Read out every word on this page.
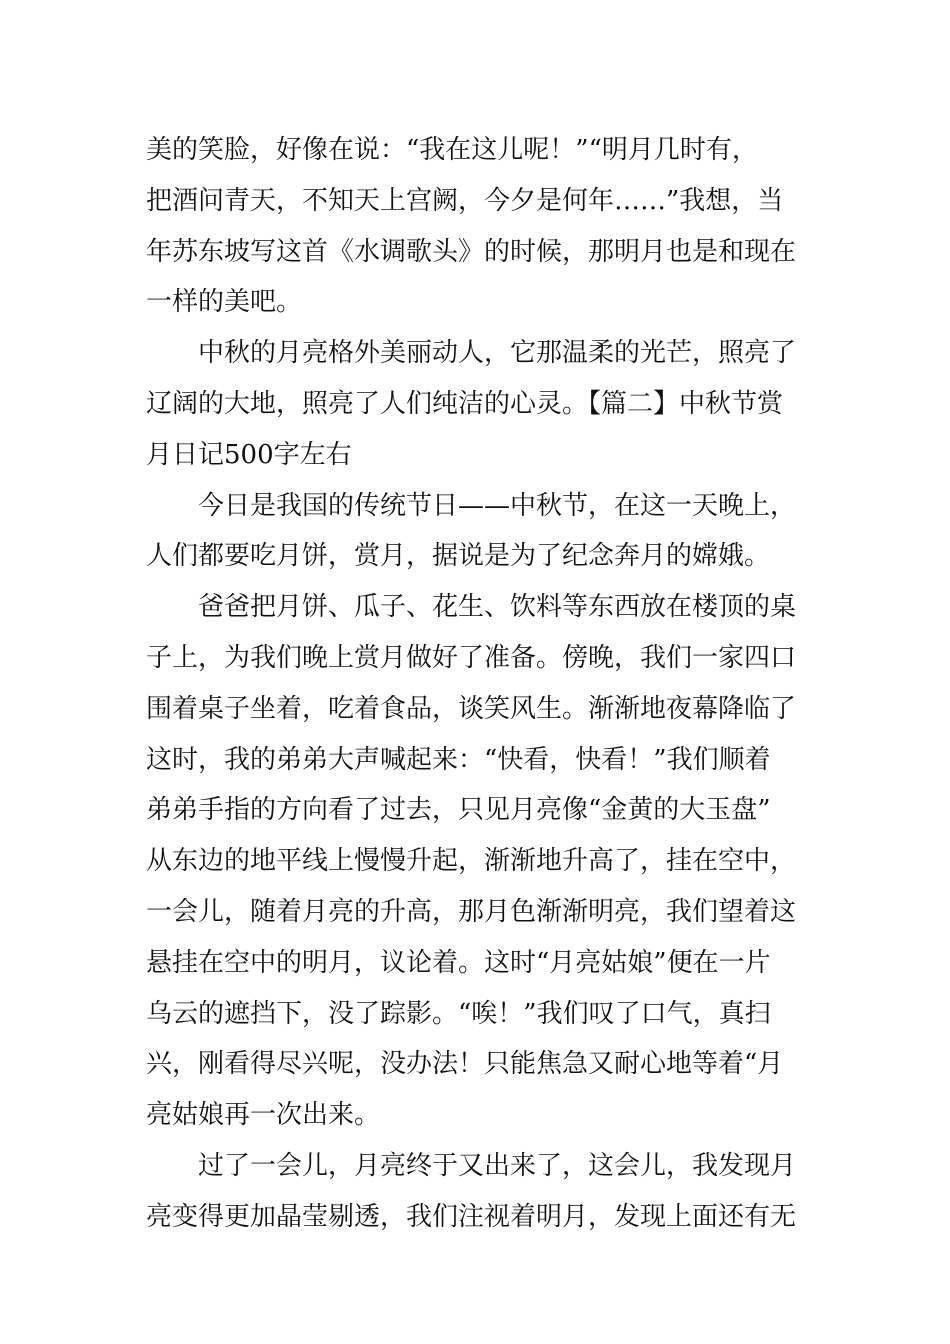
美的笑脸，好像在说：“我在这儿呢！”“明月几时有，
把酒问青天，不知天上宫阙，今夕是何年……”我想，当
年苏东坡写这首《水调歌头》的时候，那明月也是和现在
一样的美吧。
中秋的月亮格外美丽动人，它那温柔的光芒，照亮了
辽阔的大地，照亮了人们纯洁的心灵。【篇二】中秋节赏
月日记500字左右
今日是我国的传统节日——中秋节，在这一天晚上，
人们都要吃月饼，赏月，据说是为了纪念奔月的嫦娥。
爸爸把月饼、瓜子、花生、饮料等东西放在楼顶的桌
子上，为我们晚上赏月做好了准备。傍晚，我们一家四口
围着桌子坐着，吃着食品，谈笑风生。渐渐地夜幕降临了
这时，我的弟弟大声喊起来：“快看，快看！”我们顺着
弟弟手指的方向看了过去，只见月亮像“金黄的大玉盘”
从东边的地平线上慢慢升起，渐渐地升高了，挂在空中，
一会儿，随着月亮的升高，那月色渐渐明亮，我们望着这
悬挂在空中的明月，议论着。这时“月亮姑娘”便在一片
乌云的遮挡下，没了踪影。“唉！”我们叹了口气，真扫
兴，刚看得尽兴呢，没办法！只能焦急又耐心地等着“月
亮姑娘再一次出来。
过了一会儿，月亮终于又出来了，这会儿，我发现月
亮变得更加晶莹剔透，我们注视着明月，发现上面还有无
